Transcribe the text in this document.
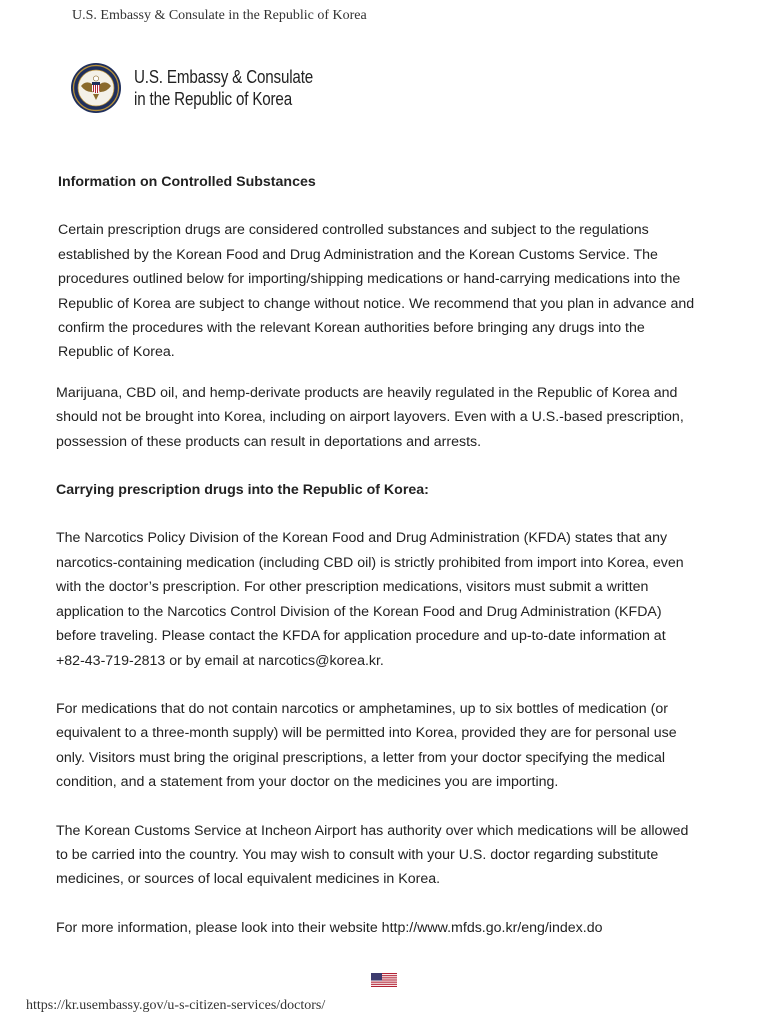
U.S. Embassy & Consulate in the Republic of Korea
U.S. Embassy & Consulate
in the Republic of Korea

Information on Controlled Substances

Certain prescription drugs are considered controlled substances and subject to the regulations established by the Korean Food and Drug Administration and the Korean Customs Service. The procedures outlined below for importing/shipping medications or hand-carrying medications into the Republic of Korea are subject to change without notice. We recommend that you plan in advance and confirm the procedures with the relevant Korean authorities before bringing any drugs into the Republic of Korea.

Marijuana, CBD oil, and hemp-derivate products are heavily regulated in the Republic of Korea and should not be brought into Korea, including on airport layovers. Even with a U.S.-based prescription, possession of these products can result in deportations and arrests.

Carrying prescription drugs into the Republic of Korea:

The Narcotics Policy Division of the Korean Food and Drug Administration (KFDA) states that any narcotics-containing medication (including CBD oil) is strictly prohibited from import into Korea, even with the doctor’s prescription. For other prescription medications, visitors must submit a written application to the Narcotics Control Division of the Korean Food and Drug Administration (KFDA) before traveling. Please contact the KFDA for application procedure and up-to-date information at +82-43-719-2813 or by email at narcotics@korea.kr.

For medications that do not contain narcotics or amphetamines, up to six bottles of medication (or equivalent to a three-month supply) will be permitted into Korea, provided they are for personal use only. Visitors must bring the original prescriptions, a letter from your doctor specifying the medical condition, and a statement from your doctor on the medicines you are importing.

The Korean Customs Service at Incheon Airport has authority over which medications will be allowed to be carried into the country. You may wish to consult with your U.S. doctor regarding substitute medicines, or sources of local equivalent medicines in Korea.

For more information, please look into their website http://www.mfds.go.kr/eng/index.do

https://kr.usembassy.gov/u-s-citizen-services/doctors/
